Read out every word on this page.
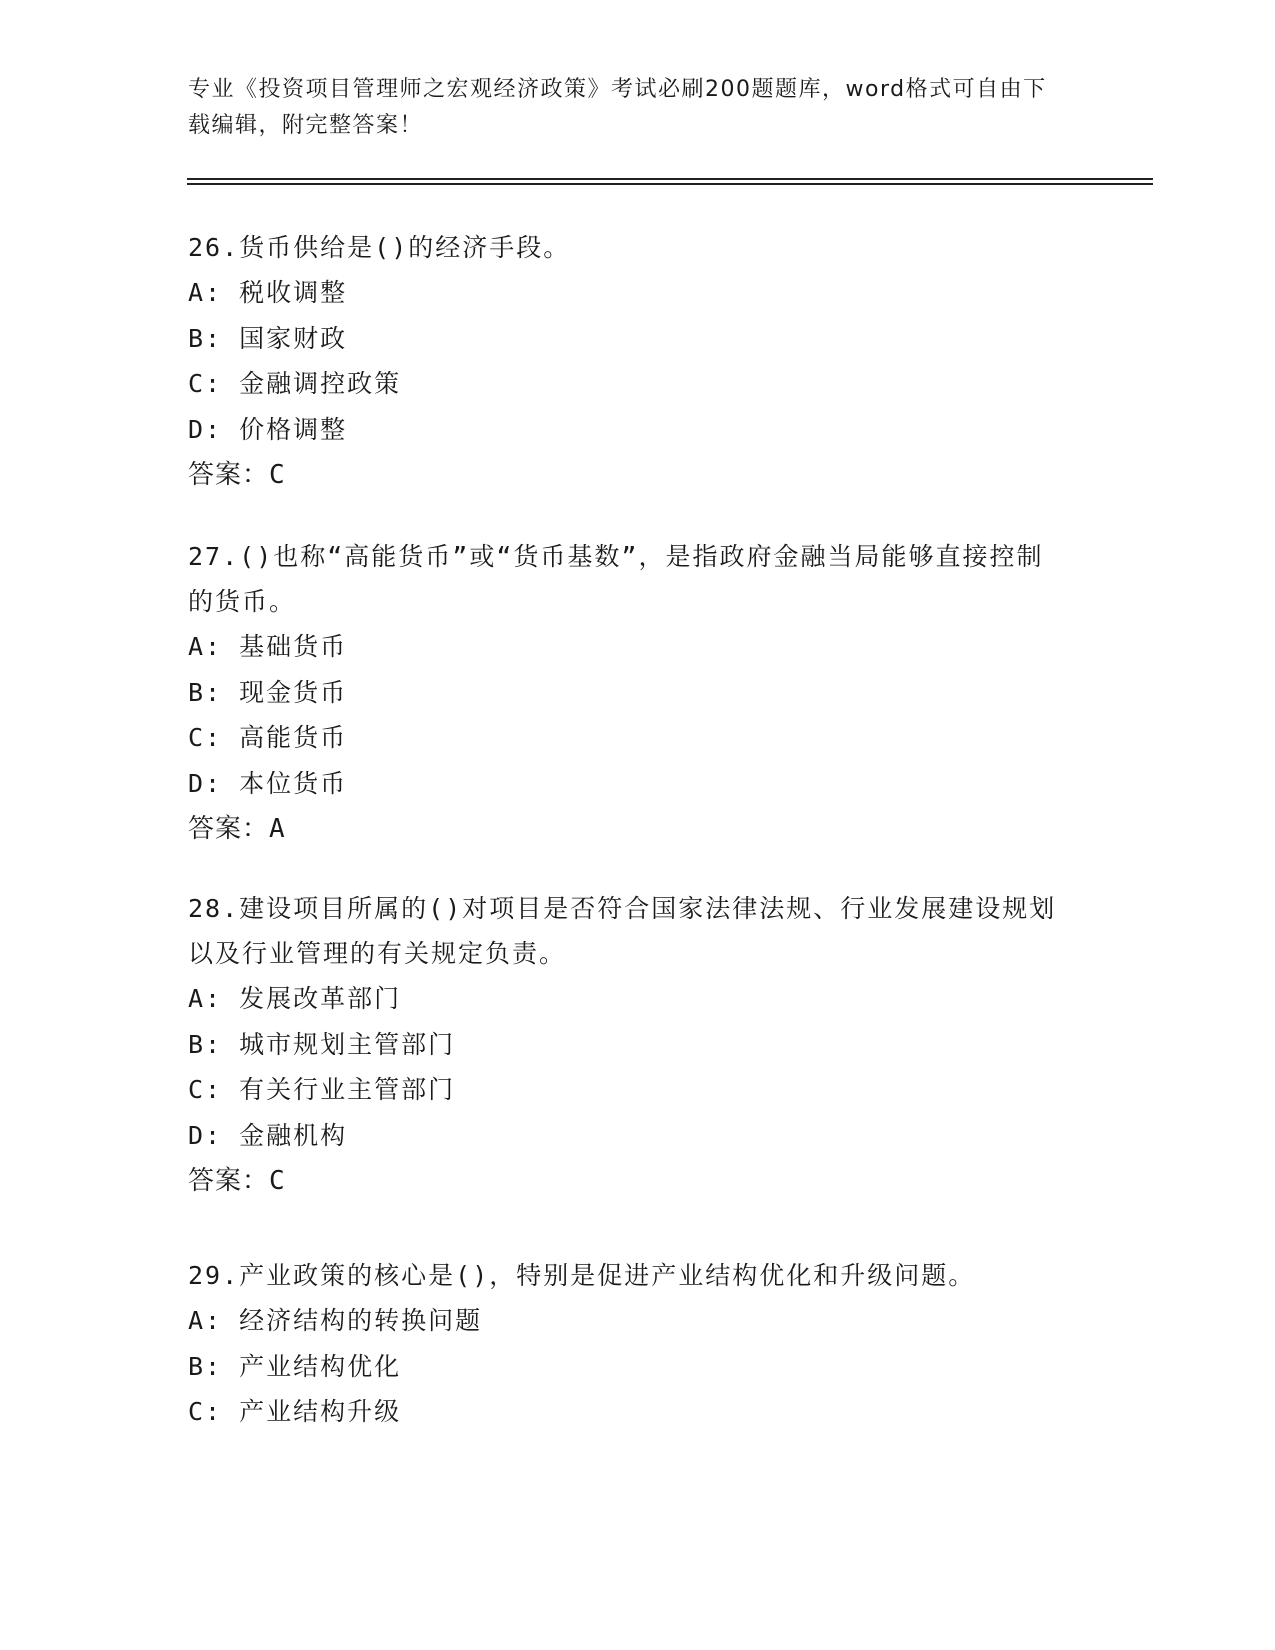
专业《投资项目管理师之宏观经济政策》考试必刷200题题库，word格式可自由下载编辑，附完整答案！
26.货币供给是()的经济手段。
A: 税收调整
B: 国家财政
C: 金融调控政策
D: 价格调整
答案：C
27.()也称“高能货币”或“货币基数”，是指政府金融当局能够直接控制的货币。
A: 基础货币
B: 现金货币
C: 高能货币
D: 本位货币
答案：A
28.建设项目所属的()对项目是否符合国家法律法规、行业发展建设规划以及行业管理的有关规定负责。
A: 发展改革部门
B: 城市规划主管部门
C: 有关行业主管部门
D: 金融机构
答案：C
29.产业政策的核心是()，特别是促进产业结构优化和升级问题。
A: 经济结构的转换问题
B: 产业结构优化
C: 产业结构升级
